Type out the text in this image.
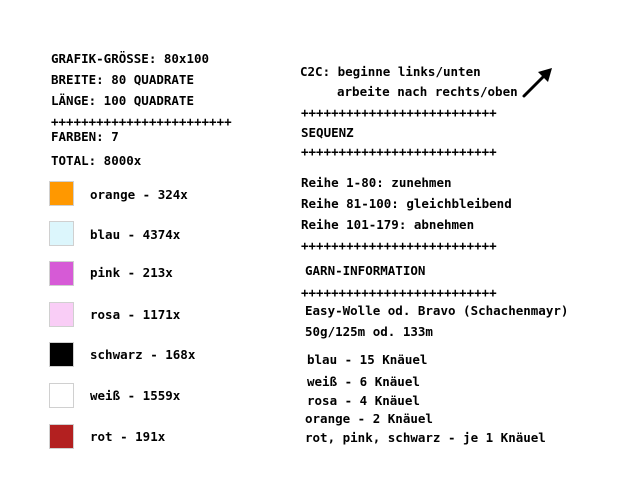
GRAFIK-GRÖSSE: 80x100
BREITE: 80 QUADRATE
LÄNGE: 100 QUADRATE
++++++++++++++++++++++++
FARBEN: 7
TOTAL: 8000x
orange - 324x
blau - 4374x
pink - 213x
rosa - 1171x
schwarz - 168x
weiß - 1559x
rot - 191x
C2C: beginne links/unten
arbeite nach rechts/oben
++++++++++++++++++++++++++
SEQUENZ
++++++++++++++++++++++++++
Reihe 1-80: zunehmen
Reihe 81-100: gleichbleibend
Reihe 101-179: abnehmen
++++++++++++++++++++++++++
GARN-INFORMATION
++++++++++++++++++++++++++
Easy-Wolle od. Bravo (Schachenmayr)
50g/125m od. 133m
blau - 15 Knäuel
weiß - 6 Knäuel
rosa - 4 Knäuel
orange - 2 Knäuel
rot, pink, schwarz - je 1 Knäuel
